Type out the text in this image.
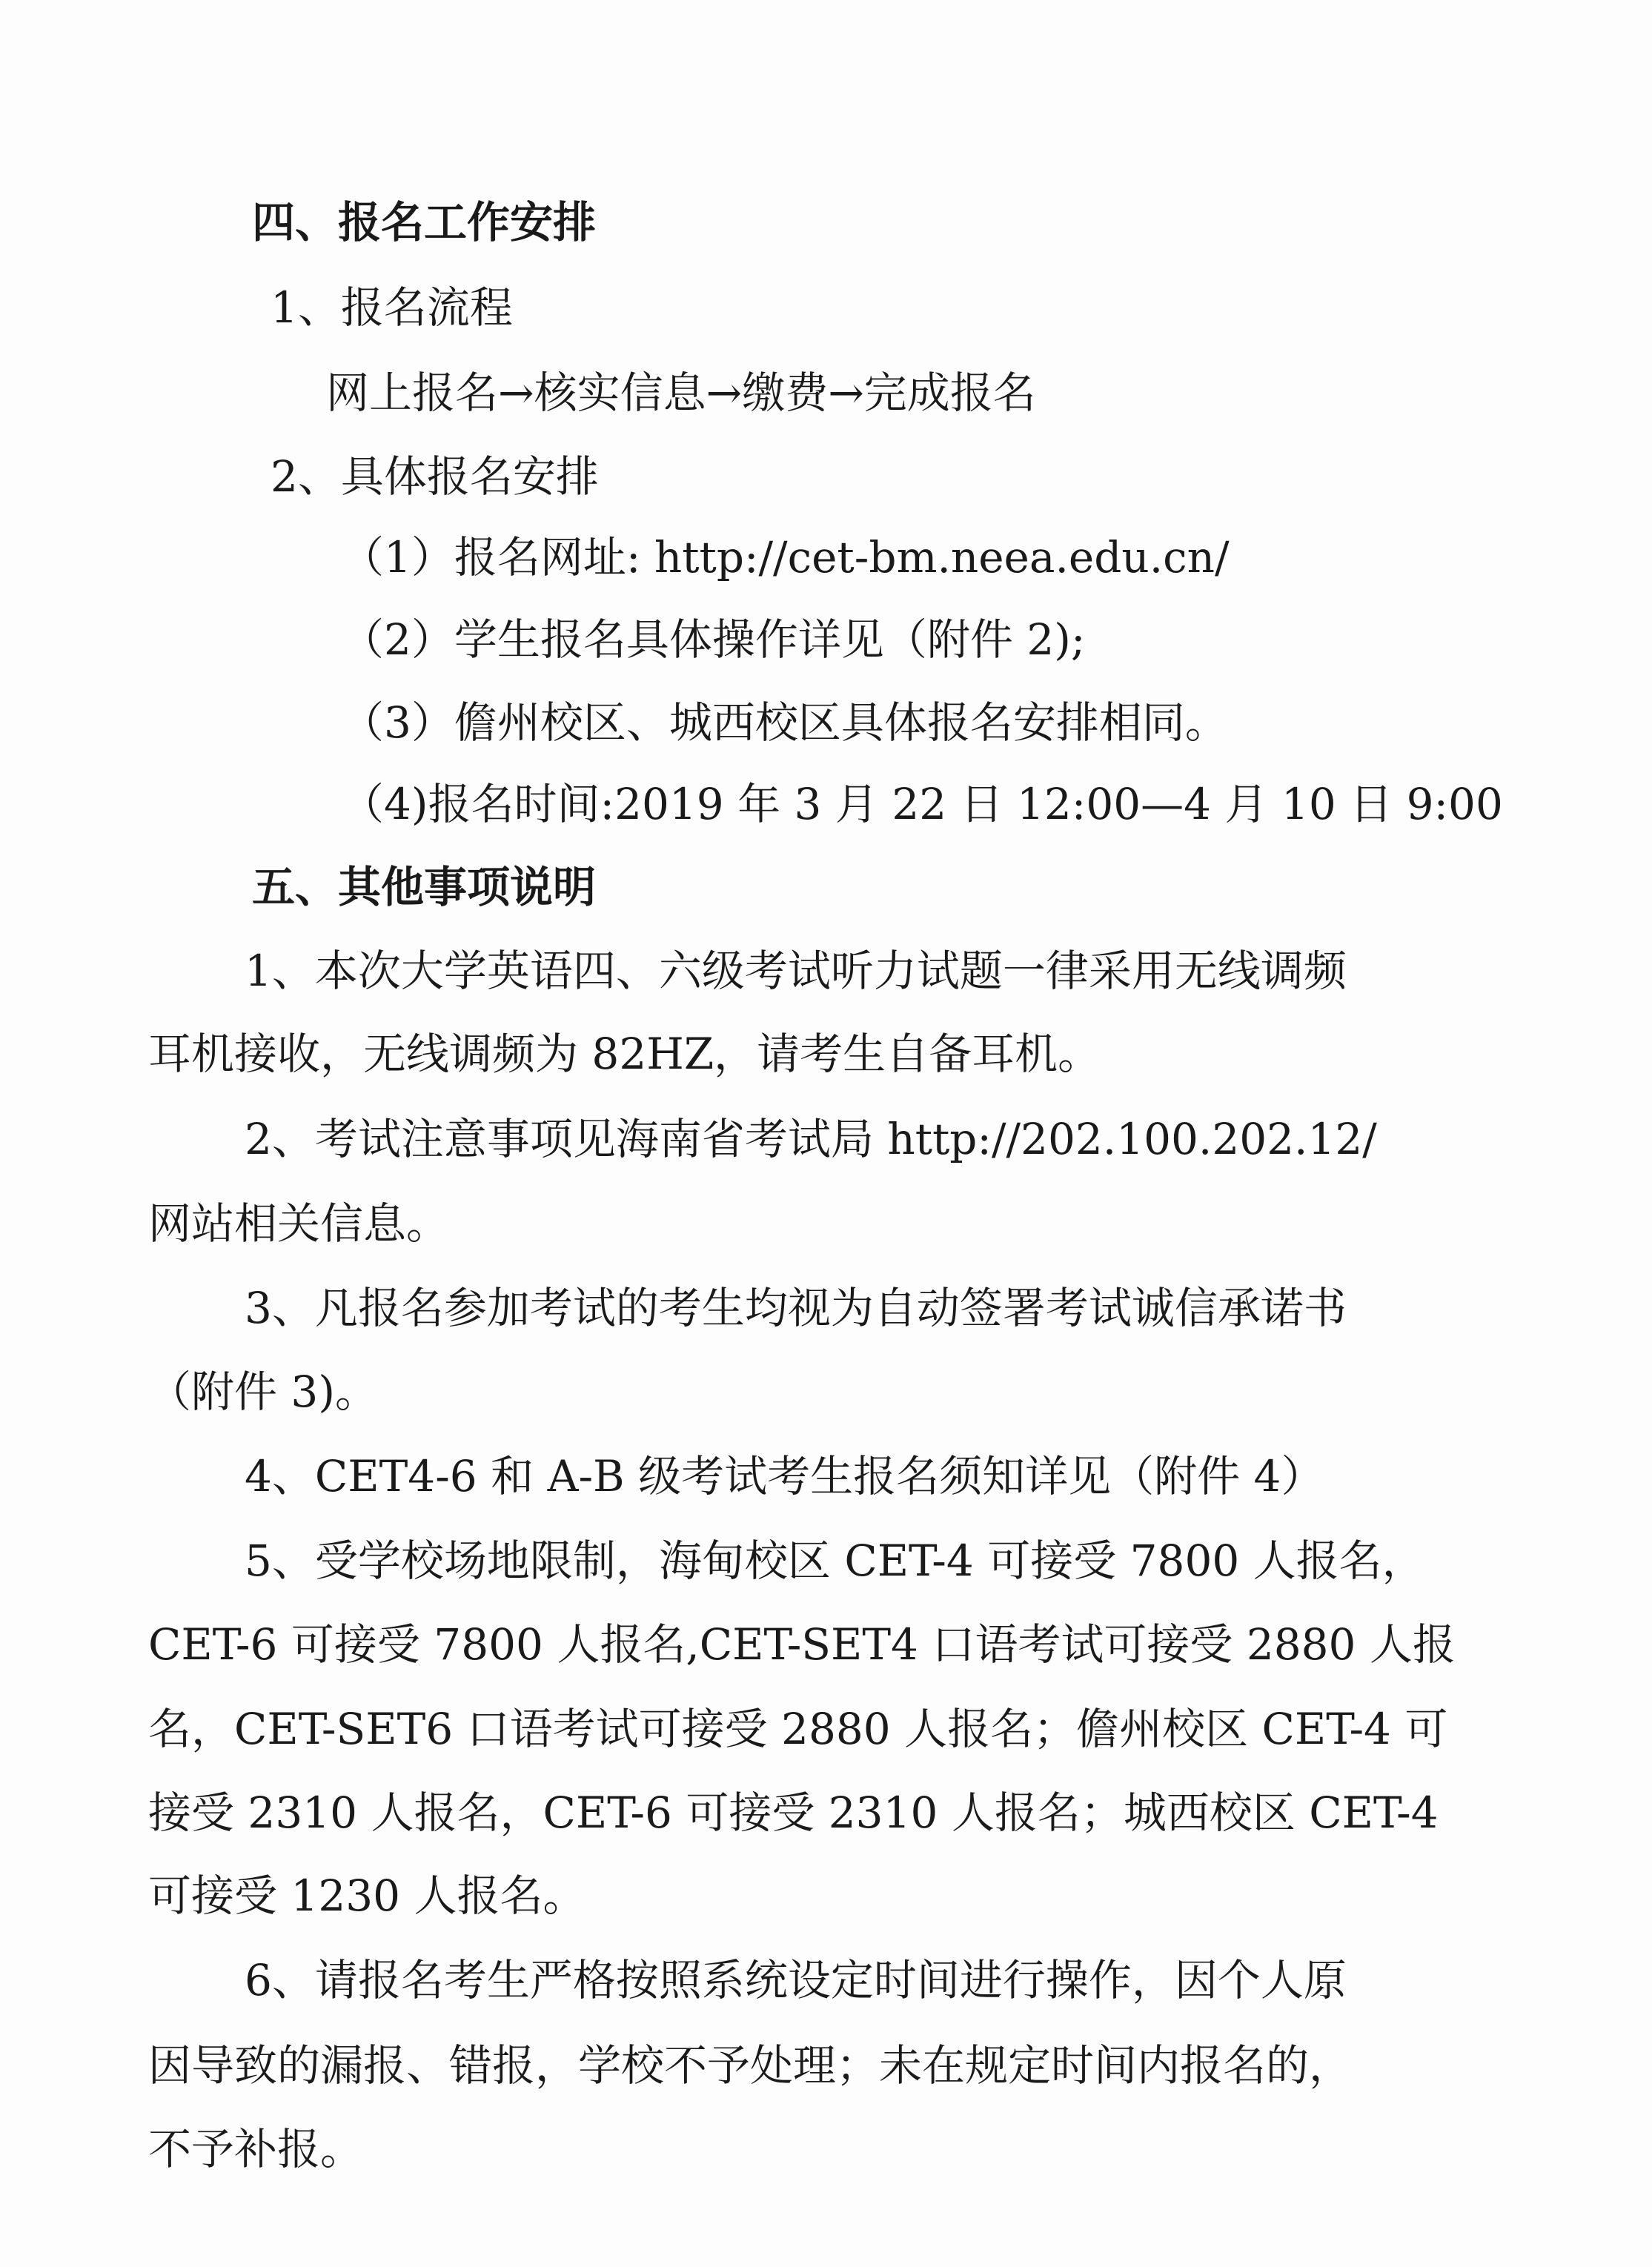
四、报名工作安排
1、报名流程
网上报名→核实信息→缴费→完成报名
2、具体报名安排
（1）报名网址: http://cet-bm.neea.edu.cn/
（2）学生报名具体操作详见（附件 2);
（3）儋州校区、城西校区具体报名安排相同。
（4)报名时间:2019 年 3 月 22 日 12:00—4 月 10 日 9:00
五、其他事项说明
1、本次大学英语四、六级考试听力试题一律采用无线调频
耳机接收，无线调频为 82HZ，请考生自备耳机。
2、考试注意事项见海南省考试局 http://202.100.202.12/
网站相关信息。
3、凡报名参加考试的考生均视为自动签署考试诚信承诺书
（附件 3)。
4、CET4-6 和 A-B 级考试考生报名须知详见（附件 4）
5、受学校场地限制，海甸校区 CET-4 可接受 7800 人报名，
CET-6 可接受 7800 人报名,CET-SET4 口语考试可接受 2880 人报
名，CET-SET6 口语考试可接受 2880 人报名；儋州校区 CET-4 可
接受 2310 人报名，CET-6 可接受 2310 人报名；城西校区 CET-4
可接受 1230 人报名。
6、请报名考生严格按照系统设定时间进行操作，因个人原
因导致的漏报、错报，学校不予处理；未在规定时间内报名的，
不予补报。
